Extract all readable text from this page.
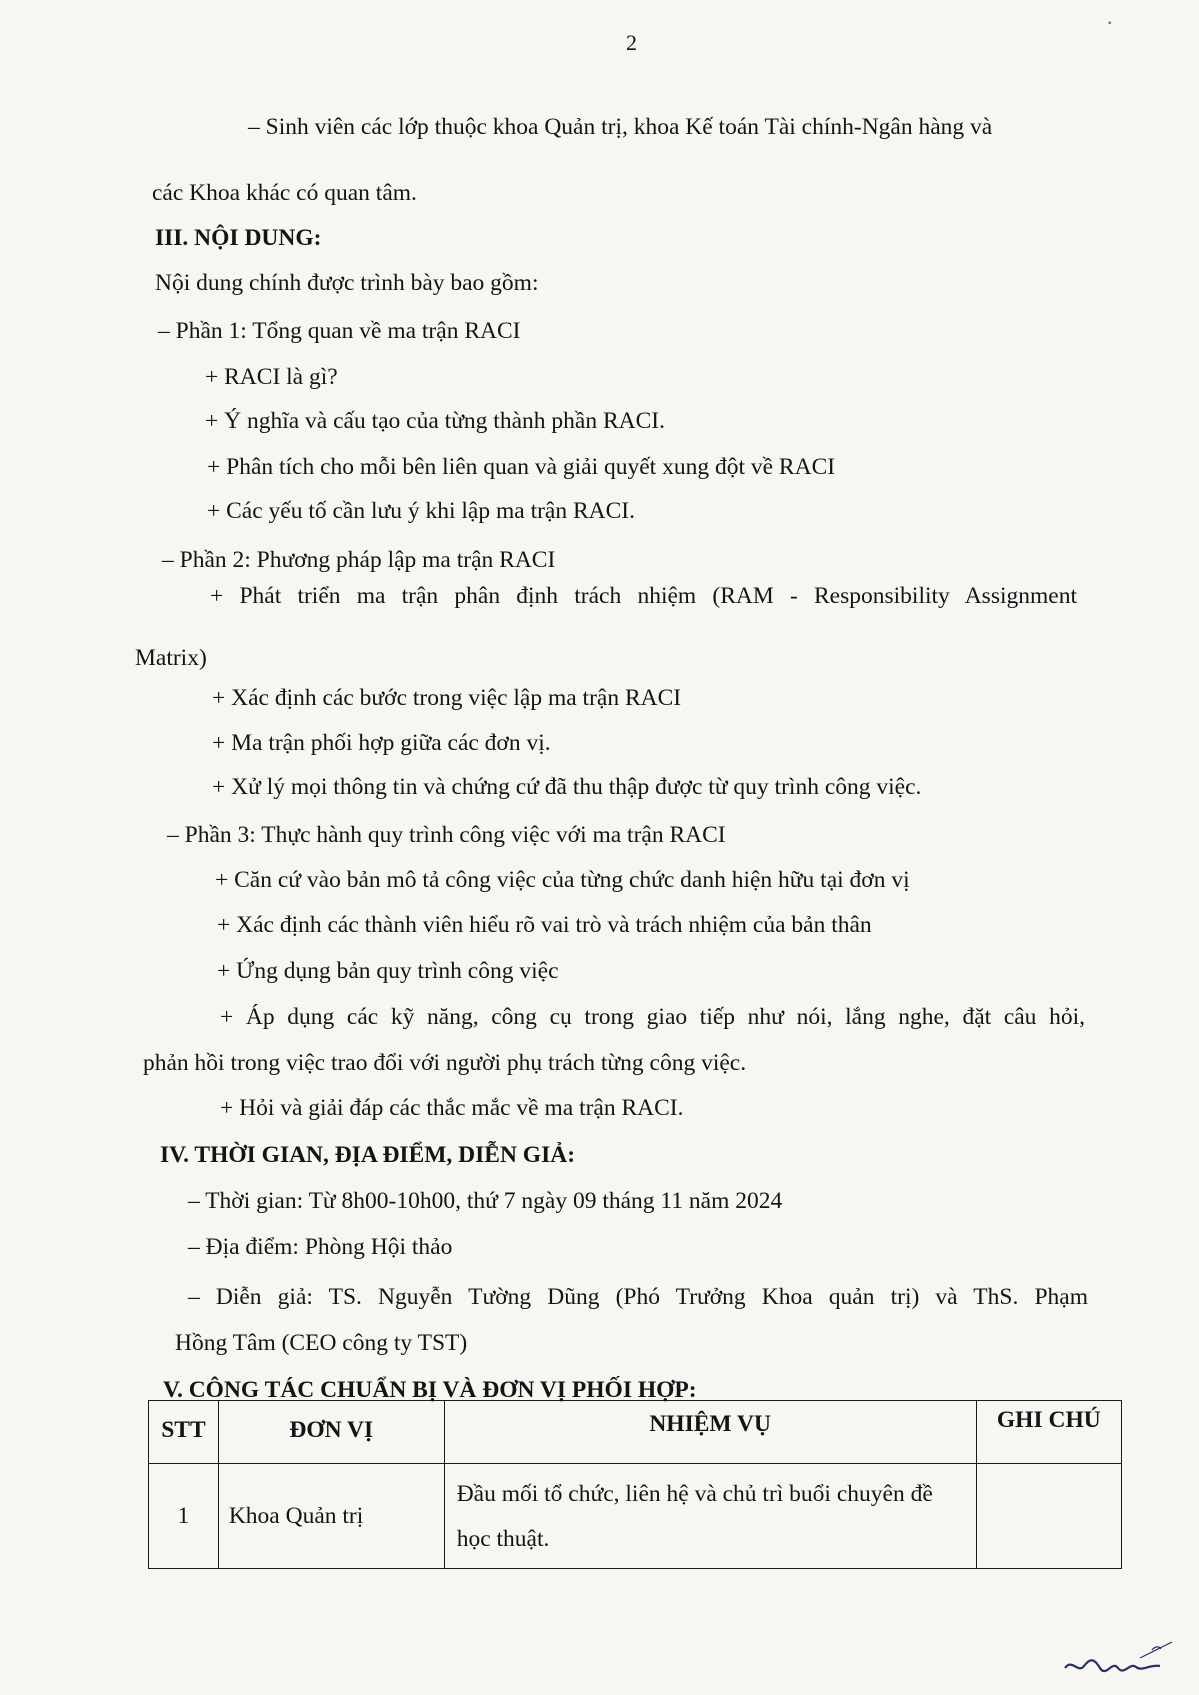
▪
2
– Sinh viên các lớp thuộc khoa Quản trị, khoa Kế toán Tài chính-Ngân hàng và
các Khoa khác có quan tâm.
III. NỘI DUNG:
Nội dung chính được trình bày bao gồm:
– Phần 1: Tổng quan về ma trận RACI
+ RACI là gì?
+ Ý nghĩa và cấu tạo của từng thành phần RACI.
+ Phân tích cho mỗi bên liên quan và giải quyết xung đột về RACI
+ Các yếu tố cần lưu ý khi lập ma trận RACI.
– Phần 2: Phương pháp lập ma trận RACI
+ Phát triển ma trận phân định trách nhiệm (RAM - Responsibility Assignment
Matrix)
+ Xác định các bước trong việc lập ma trận RACI
+ Ma trận phối hợp giữa các đơn vị.
+ Xử lý mọi thông tin và chứng cứ đã thu thập được từ quy trình công việc.
– Phần 3: Thực hành quy trình công việc với ma trận RACI
+ Căn cứ vào bản mô tả công việc của từng chức danh hiện hữu tại đơn vị
+ Xác định các thành viên hiểu rõ vai trò và trách nhiệm của bản thân
+ Ứng dụng bản quy trình công việc
+ Áp dụng các kỹ năng, công cụ trong giao tiếp như nói, lắng nghe, đặt câu hỏi,
phản hồi trong việc trao đổi với người phụ trách từng công việc.
+ Hỏi và giải đáp các thắc mắc về ma trận RACI.
IV. THỜI GIAN, ĐỊA ĐIỂM, DIỄN GIẢ:
– Thời gian: Từ 8h00-10h00, thứ 7 ngày 09 tháng 11 năm 2024
– Địa điểm: Phòng Hội thảo
– Diễn giả: TS. Nguyễn Tường Dũng (Phó Trưởng Khoa quản trị) và ThS. Phạm
Hồng Tâm (CEO công ty TST)
V. CÔNG TÁC CHUẨN BỊ VÀ ĐƠN VỊ PHỐI HỢP:
STT	ĐƠN VỊ	NHIỆM VỤ	GHI CHÚ

1	Khoa Quản trị	Đầu mối tổ chức, liên hệ và chủ trì buổi chuyên đề học thuật.	
